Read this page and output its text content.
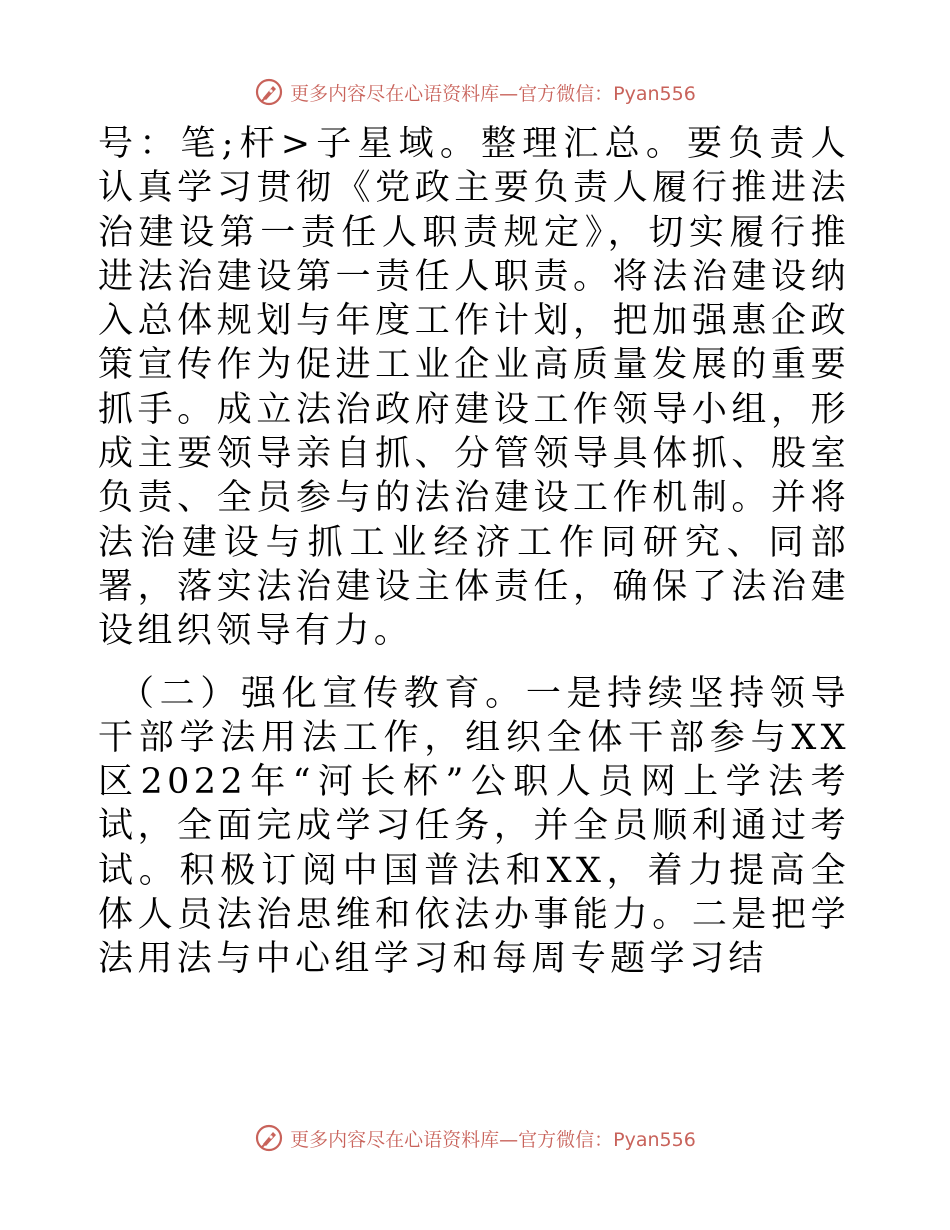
更多内容尽在心语资料库—官方微信：Pyan556

号：笔;杆>子星域。整理汇总。要负责人认真学习贯彻《党政主要负责人履行推进法治建设第一责任人职责规定》，切实履行推进法治建设第一责任人职责。将法治建设纳入总体规划与年度工作计划，把加强惠企政策宣传作为促进工业企业高质量发展的重要抓手。成立法治政府建设工作领导小组，形成主要领导亲自抓、分管领导具体抓、股室负责、全员参与的法治建设工作机制。并将法治建设与抓工业经济工作同研究、同部署，落实法治建设主体责任，确保了法治建设组织领导有力。

（二）强化宣传教育。一是持续坚持领导干部学法用法工作，组织全体干部参与XX区2022年“河长杯”公职人员网上学法考试，全面完成学习任务，并全员顺利通过考试。积极订阅中国普法和XX，着力提高全体人员法治思维和依法办事能力。二是把学法用法与中心组学习和每周专题学习结

更多内容尽在心语资料库—官方微信：Pyan556
